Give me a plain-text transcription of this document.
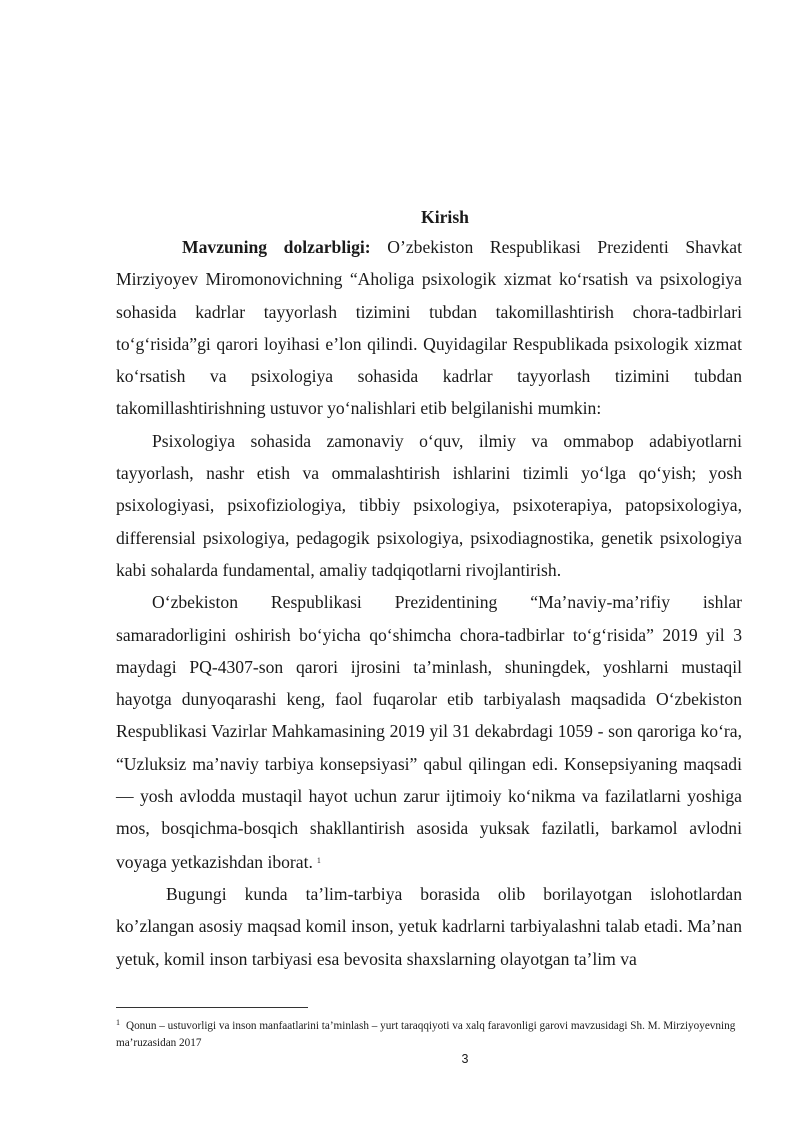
Kirish

Mavzuning dolzarbligi: O’zbekiston Respublikasi Prezidenti Shavkat Mirziyoyev Miromonovichning “Aholiga psixologik xizmat ko‘rsatish va psixologiya sohasida kadrlar tayyorlash tizimini tubdan takomillashtirish chora-tadbirlari to‘g‘risida”gi qarori loyihasi e’lon qilindi. Quyidagilar Respublikada psixologik xizmat ko‘rsatish va psixologiya sohasida kadrlar tayyorlash tizimini tubdan takomillashtirishning ustuvor yo‘nalishlari etib belgilanishi mumkin:

Psixologiya sohasida zamonaviy o‘quv, ilmiy va ommabop adabiyotlarni tayyorlash, nashr etish va ommalashtirish ishlarini tizimli yo‘lga qo‘yish; yosh psixologiyasi, psixofiziologiya, tibbiy psixologiya, psixoterapiya, patopsixologiya, differensial psixologiya, pedagogik psixologiya, psixodiagnostika, genetik psixologiya kabi sohalarda fundamental, amaliy tadqiqotlarni rivojlantirish.

O‘zbekiston Respublikasi Prezidentining “Ma’naviy-ma’rifiy ishlar samaradorligini oshirish bo‘yicha qo‘shimcha chora-tadbirlar to‘g‘risida” 2019 yil 3 maydagi PQ-4307-son qarori ijrosini ta’minlash, shuningdek, yoshlarni mustaqil hayotga dunyoqarashi keng, faol fuqarolar etib tarbiyalash maqsadida O‘zbekiston Respublikasi Vazirlar Mahkamasining 2019 yil 31 dekabrdagi 1059 - son qaroriga ko‘ra, “Uzluksiz ma’naviy tarbiya konsepsiyasi” qabul qilingan edi. Konsepsiyaning maqsadi — yosh avlodda mustaqil hayot uchun zarur ijtimoiy ko‘nikma va fazilatlarni yoshiga mos, bosqichma-bosqich shakllantirish asosida yuksak fazilatli, barkamol avlodni voyaga yetkazishdan iborat. $^1$

Bugungi kunda ta’lim-tarbiya borasida olib borilayotgan islohotlardan ko’zlangan asosiy maqsad komil inson, yetuk kadrlarni tarbiyalashni talab etadi. Ma’nan yetuk, komil inson tarbiyasi esa bevosita shaxslarning olayotgan ta’lim va

$^1$ Qonun – ustuvorligi va inson manfaatlarini ta’minlash – yurt taraqqiyoti va xalq faravonligi garovi mavzusidagi Sh. M. Mirziyoyevning ma’ruzasidan 2017
3
